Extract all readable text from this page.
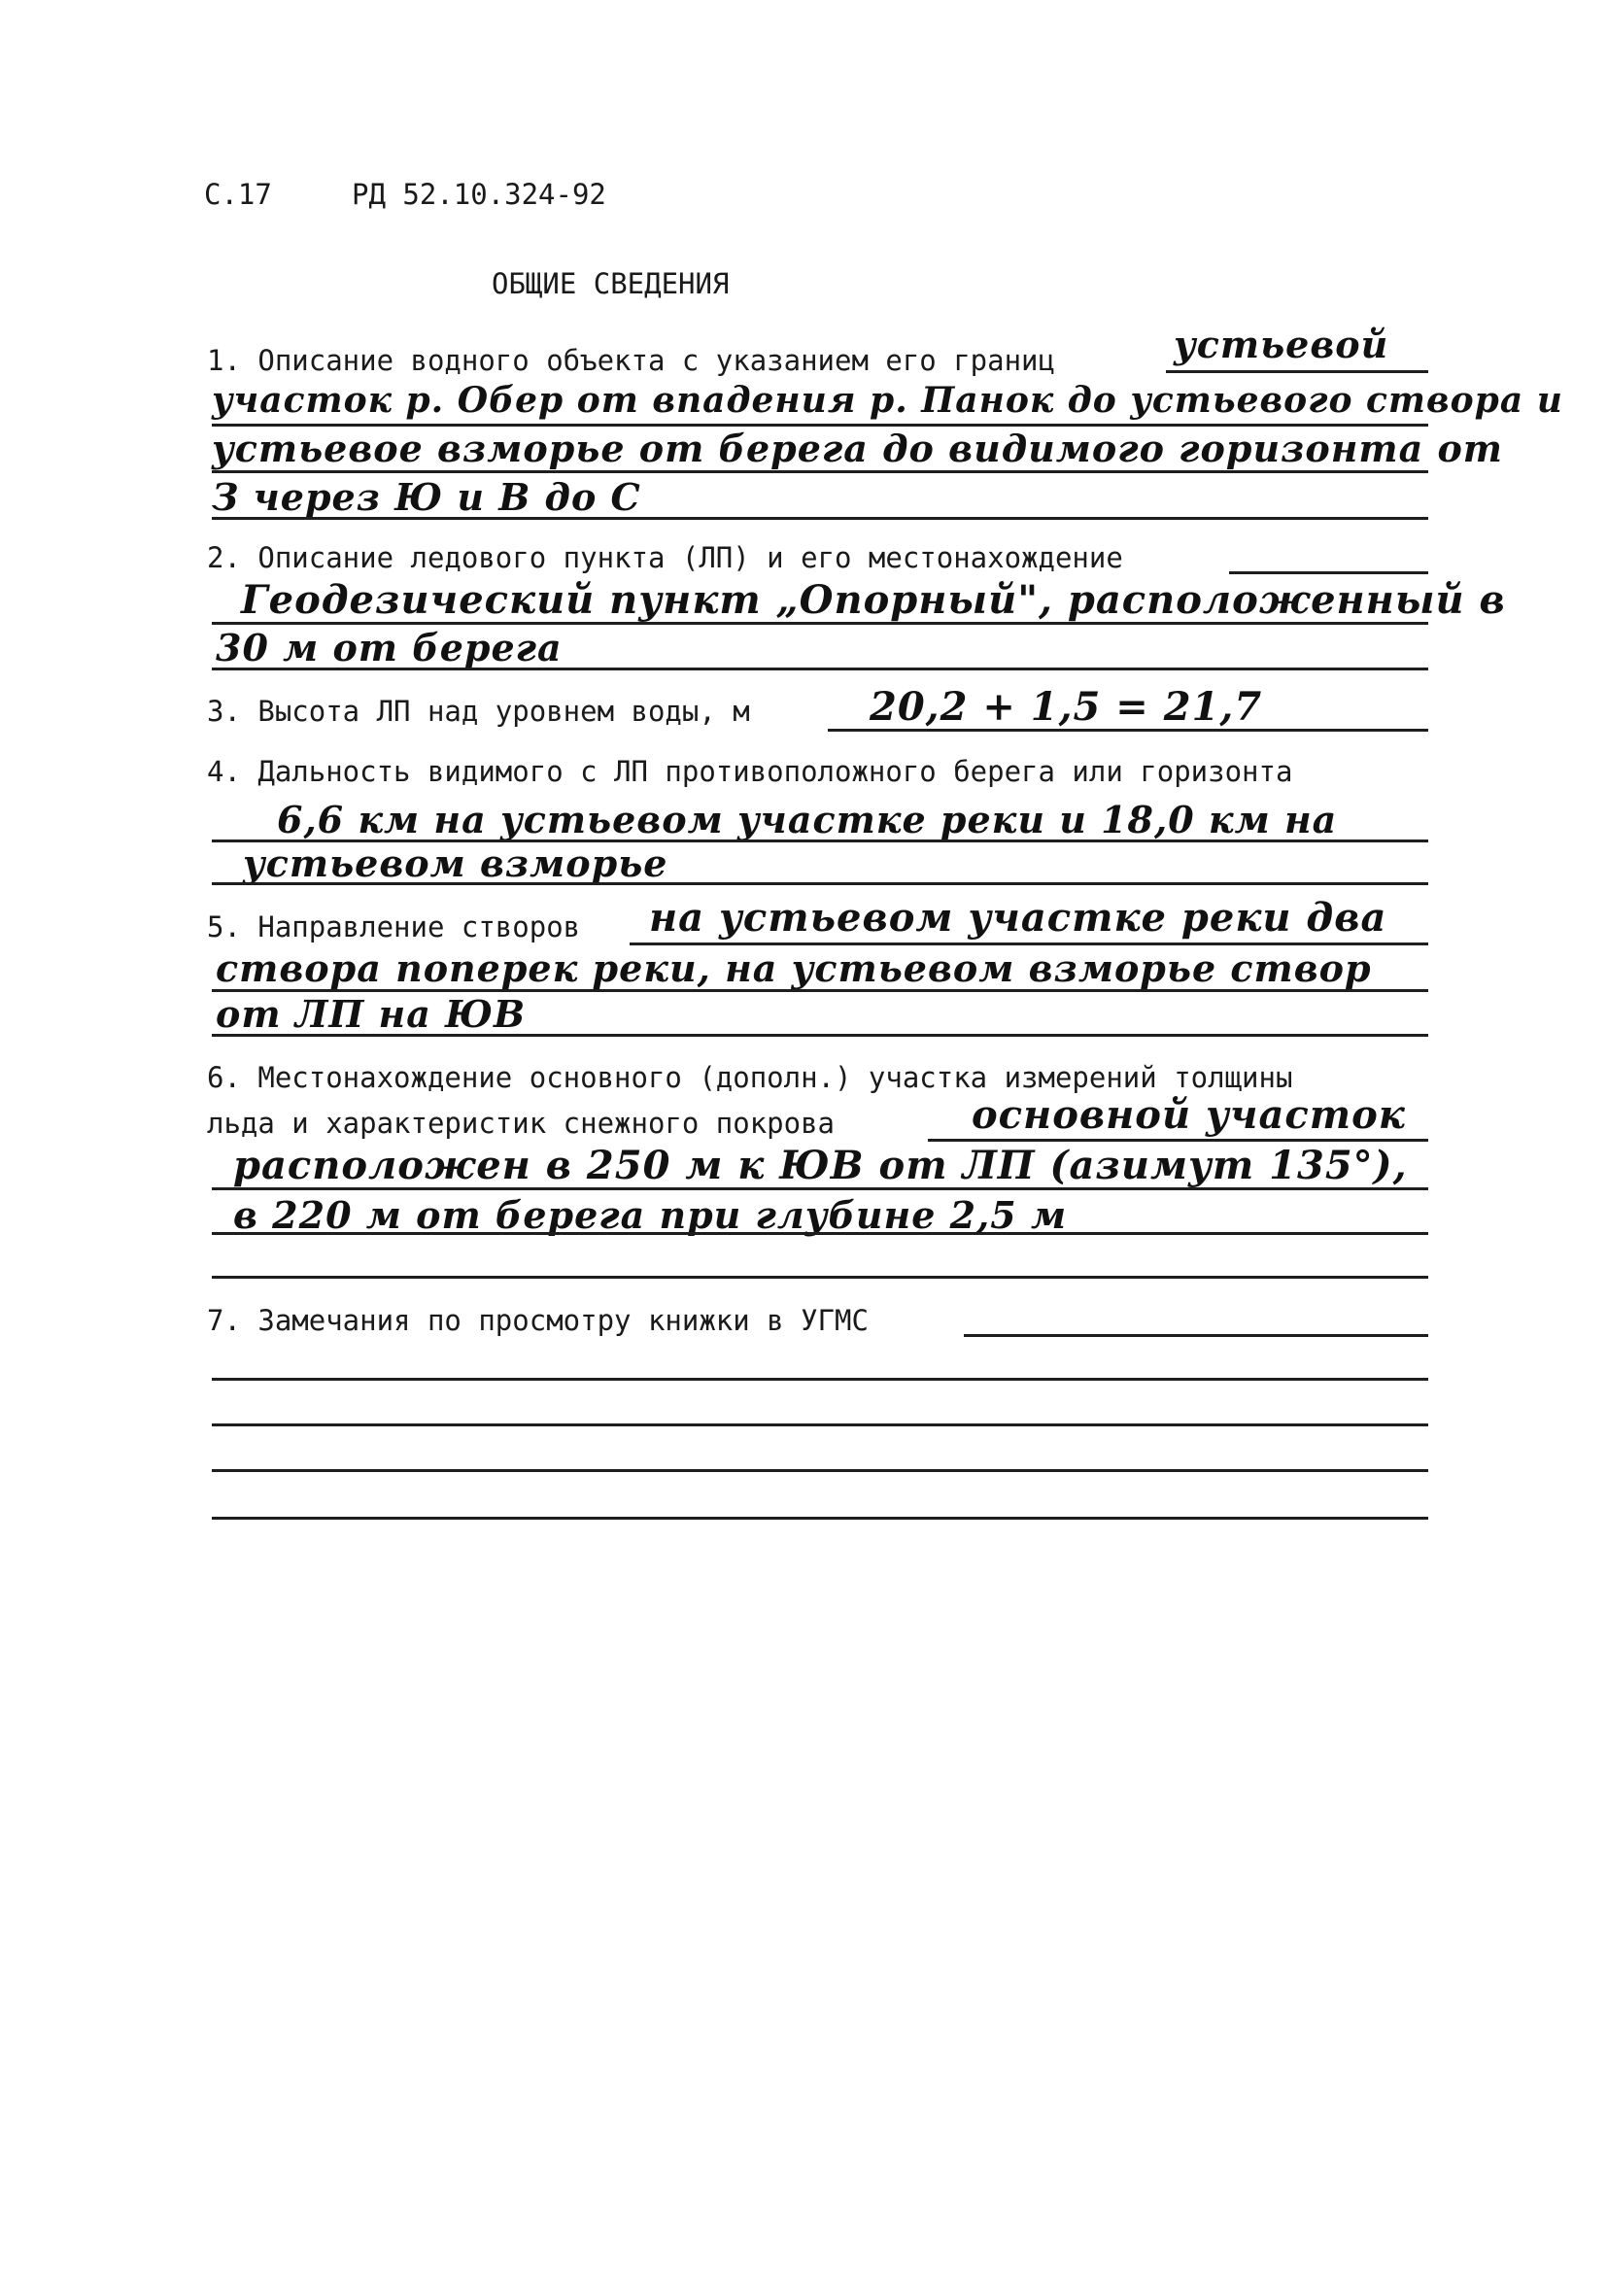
С.17	РД 52.10.324-92
ОБЩИЕ СВЕДЕНИЯ
1. Описание водного объекта с указанием его границ	устьевой
участок р. Обер от впадения р. Панок до устьевого створа и
устьевое взморье от берега до видимого горизонта от
З через Ю и В до С
2. Описание ледового пункта (ЛП) и его местонахождение
Геодезический пункт „Опорный", расположенный в
30 м от берега
3. Высота ЛП над уровнем воды, м	20,2 + 1,5 = 21,7
4. Дальность видимого с ЛП противоположного берега или горизонта
6,6 км на устьевом участке реки и 18,0 км на
устьевом взморье
5. Направление створов на устьевом участке реки два
створа поперек реки, на устьевом взморье створ
от ЛП на ЮВ
6. Местонахождение основного (дополн.) участка измерений толщины
льда и характеристик снежного покрова	основной участок
расположен в 250 м к ЮВ от ЛП (азимут 135°),
в 220 м от берега при глубине 2,5 м
7. Замечания по просмотру книжки в УГМС
